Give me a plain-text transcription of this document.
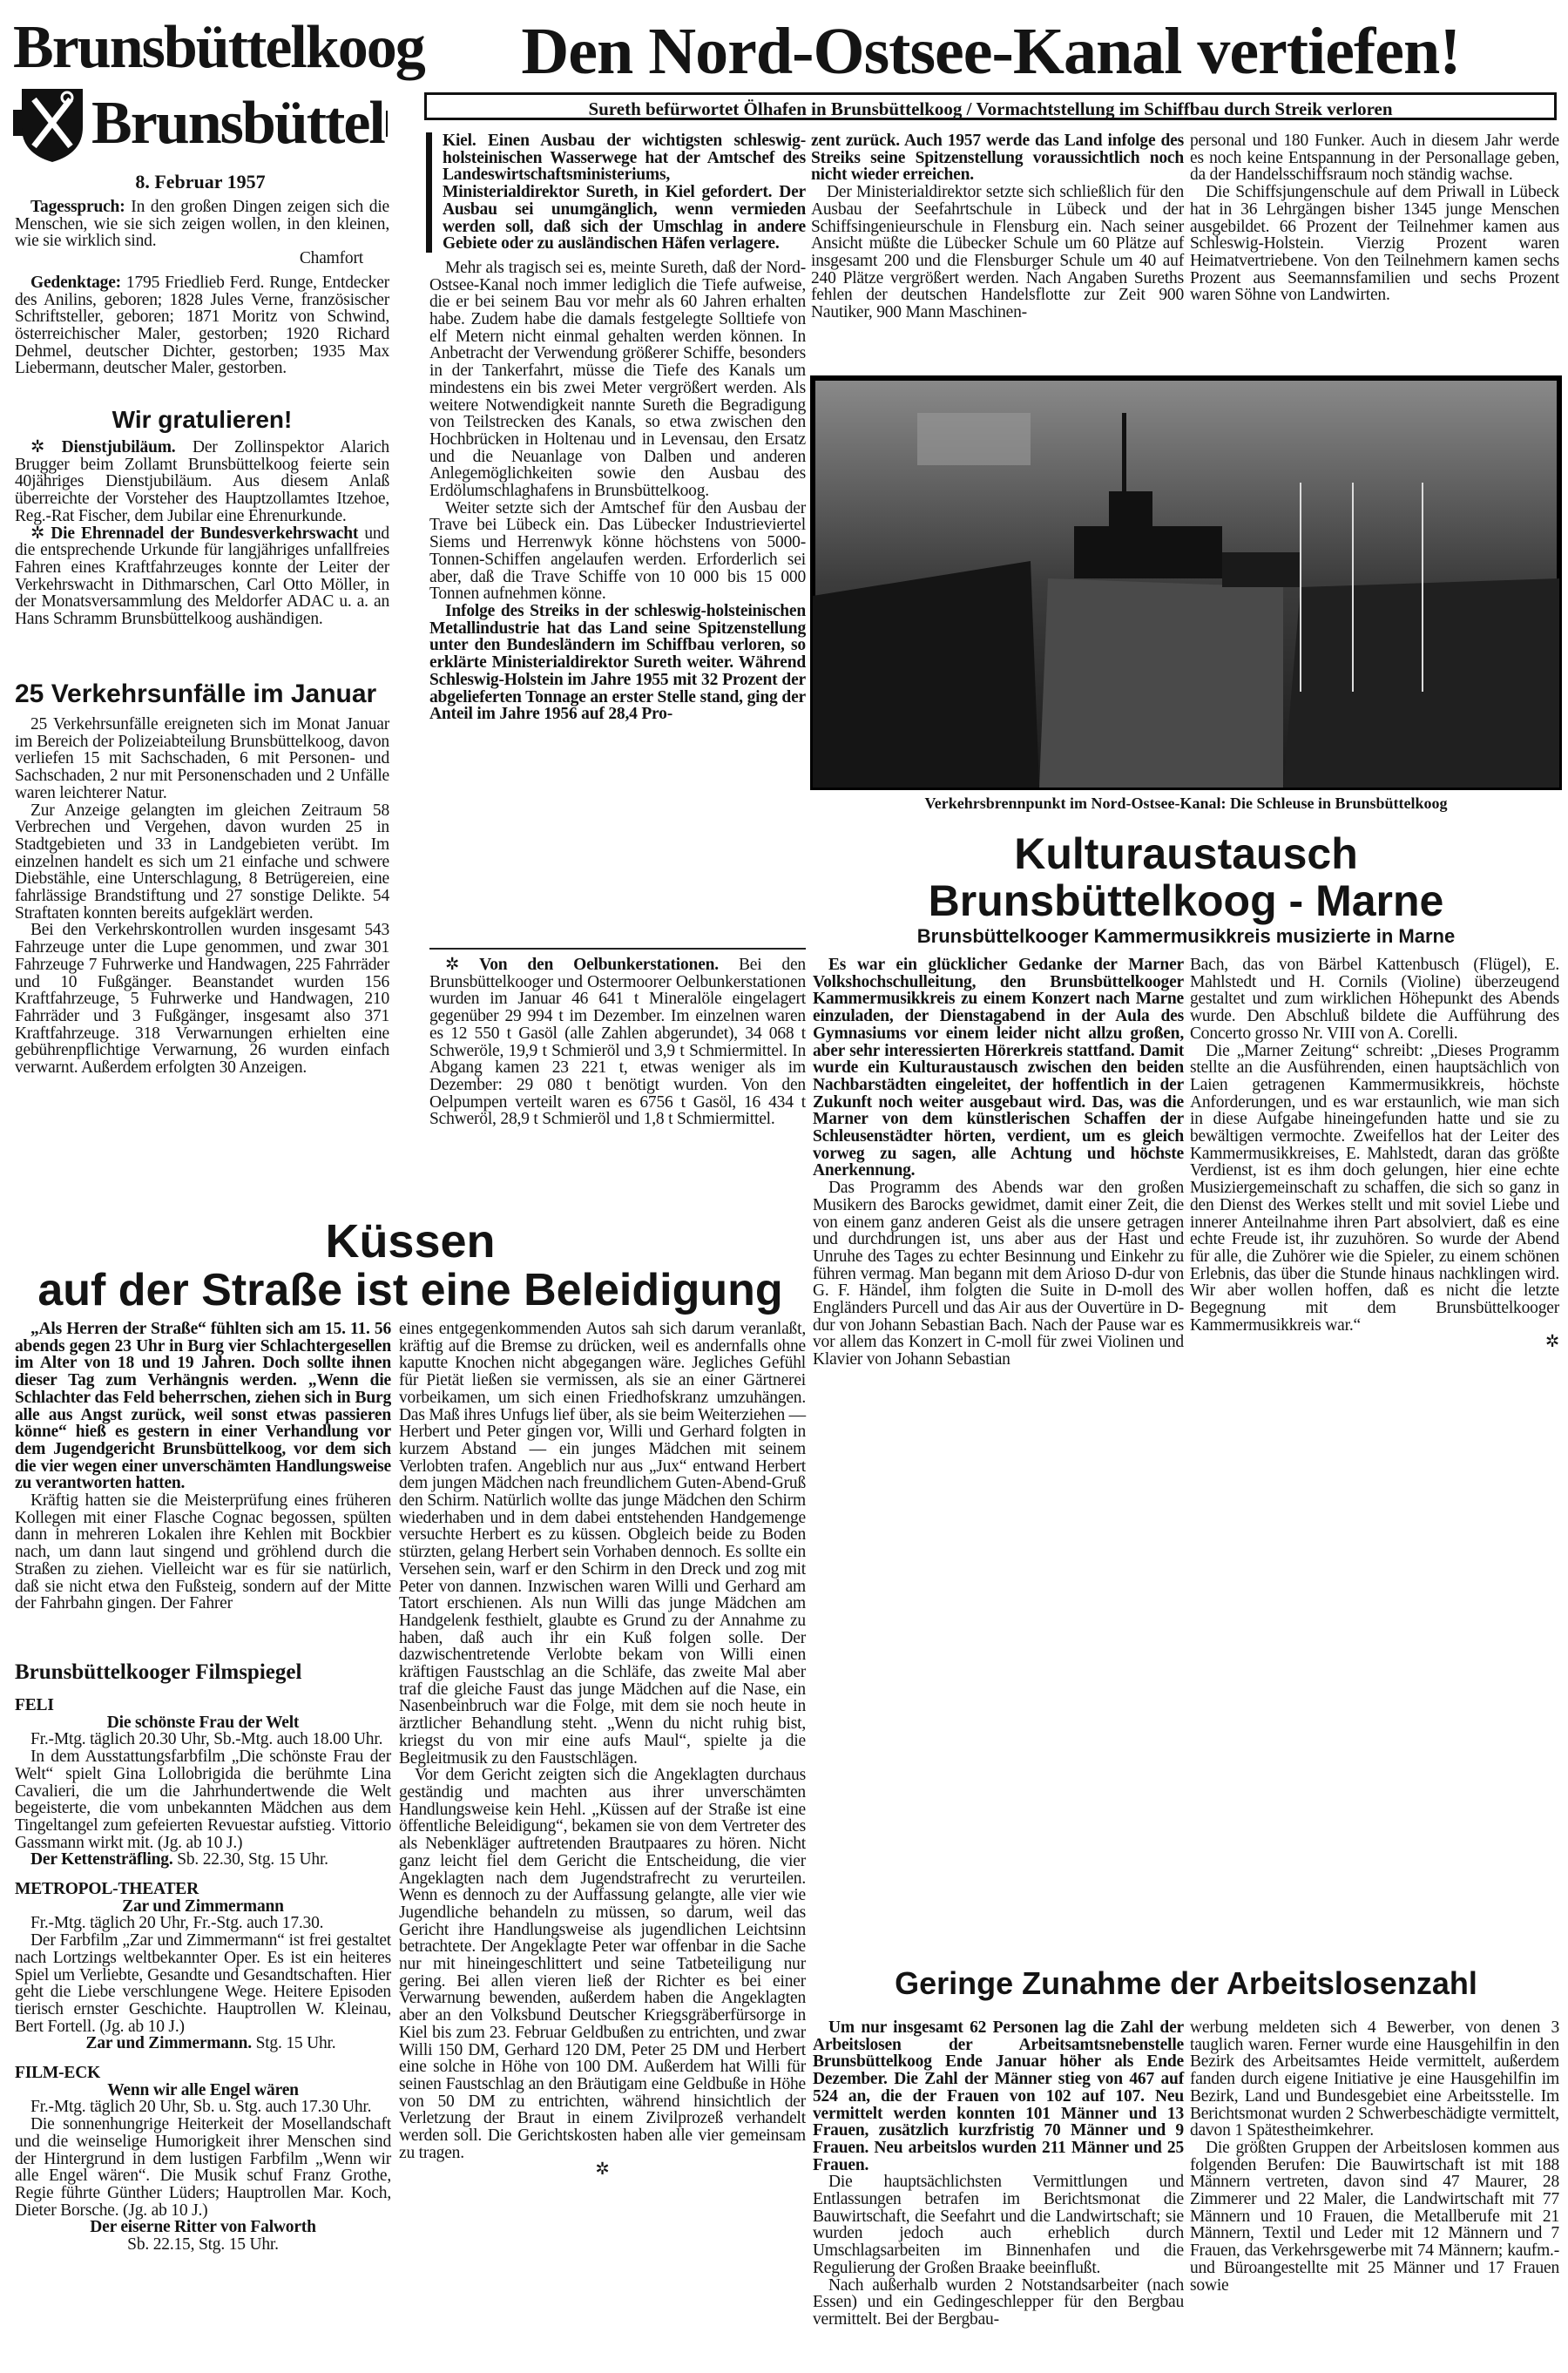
Brunsbüttelkoog
Brunsbüttel
8. Februar 1957

Tagesspruch: In den großen Dingen zeigen sich die Menschen, wie sie sich zeigen wollen, in den kleinen, wie sie wirklich sind.

Chamfort

Gedenktage: 1795 Friedlieb Ferd. Runge, Entdecker des Anilins, geboren; 1828 Jules Verne, französischer Schriftsteller, geboren; 1871 Moritz von Schwind, österreichischer Maler, gestorben; 1920 Richard Dehmel, deutscher Dichter, gestorben; 1935 Max Liebermann, deutscher Maler, gestorben.

Wir gratulieren!

✲ Dienstjubiläum. Der Zollinspektor Alarich Brugger beim Zollamt Brunsbüttelkoog feierte sein 40jähriges Dienstjubiläum. Aus diesem Anlaß überreichte der Vorsteher des Hauptzollamtes Itzehoe, Reg.-Rat Fischer, dem Jubilar eine Ehrenurkunde.

✲ Die Ehrennadel der Bundesverkehrswacht und die entsprechende Urkunde für langjähriges unfallfreies Fahren eines Kraftfahrzeuges konnte der Leiter der Verkehrswacht in Dithmarschen, Carl Otto Möller, in der Monatsversammlung des Meldorfer ADAC u. a. an Hans Schramm Brunsbüttelkoog aushändigen.

25 Verkehrsunfälle im Januar

25 Verkehrsunfälle ereigneten sich im Monat Januar im Bereich der Polizeiabteilung Brunsbüttelkoog, davon verliefen 15 mit Sachschaden, 6 mit Personen- und Sachschaden, 2 nur mit Personenschaden und 2 Unfälle waren leichterer Natur.

Zur Anzeige gelangten im gleichen Zeitraum 58 Verbrechen und Vergehen, davon wurden 25 in Stadtgebieten und 33 in Landgebieten verübt. Im einzelnen handelt es sich um 21 einfache und schwere Diebstähle, eine Unterschlagung, 8 Betrügereien, eine fahrlässige Brandstiftung und 27 sonstige Delikte. 54 Straftaten konnten bereits aufgeklärt werden.

Bei den Verkehrskontrollen wurden insgesamt 543 Fahrzeuge unter die Lupe genommen, und zwar 301 Fahrzeuge 7 Fuhrwerke und Handwagen, 225 Fahrräder und 10 Fußgänger. Beanstandet wurden 156 Kraftfahrzeuge, 5 Fuhrwerke und Handwagen, 210 Fahrräder und 3 Fußgänger, insgesamt also 371 Kraftfahrzeuge. 318 Verwarnungen erhielten eine gebührenpflichtige Verwarnung, 26 wurden einfach verwarnt. Außerdem erfolgten 30 Anzeigen.

Den Nord-Ostsee-Kanal vertiefen!
Sureth befürwortet Ölhafen in Brunsbüttelkoog / Vormachtstellung im Schiffbau durch Streik verloren

Kiel. Einen Ausbau der wichtigsten schleswig-holsteinischen Wasserwege hat der Amtschef des Landeswirtschaftsministeriums, Ministerialdirektor Sureth, in Kiel gefordert. Der Ausbau sei unumgänglich, wenn vermieden werden soll, daß sich der Umschlag in andere Gebiete oder zu ausländischen Häfen verlagere.

Mehr als tragisch sei es, meinte Sureth, daß der Nord-Ostsee-Kanal noch immer lediglich die Tiefe aufweise, die er bei seinem Bau vor mehr als 60 Jahren erhalten habe. Zudem habe die damals festgelegte Solltiefe von elf Metern nicht einmal gehalten werden können. In Anbetracht der Verwendung größerer Schiffe, besonders in der Tankerfahrt, müsse die Tiefe des Kanals um mindestens ein bis zwei Meter vergrößert werden. Als weitere Notwendigkeit nannte Sureth die Begradigung von Teilstrecken des Kanals, so etwa zwischen den Hochbrücken in Holtenau und in Levensau, den Ersatz und die Neuanlage von Dalben und anderen Anlegemöglichkeiten sowie den Ausbau des Erdölumschlaghafens in Brunsbüttelkoog.

Weiter setzte sich der Amtschef für den Ausbau der Trave bei Lübeck ein. Das Lübecker Industrieviertel Siems und Herrenwyk könne höchstens von 5000-Tonnen-Schiffen angelaufen werden. Erforderlich sei aber, daß die Trave Schiffe von 10 000 bis 15 000 Tonnen aufnehmen könne.

Infolge des Streiks in der schleswig-holsteinischen Metallindustrie hat das Land seine Spitzenstellung unter den Bundesländern im Schiffbau verloren, so erklärte Ministerialdirektor Sureth weiter. Während Schleswig-Holstein im Jahre 1955 mit 32 Prozent der abgelieferten Tonnage an erster Stelle stand, ging der Anteil im Jahre 1956 auf 28,4 Pro-

zent zurück. Auch 1957 werde das Land infolge des Streiks seine Spitzenstellung voraussichtlich noch nicht wieder erreichen.

Der Ministerialdirektor setzte sich schließlich für den Ausbau der Seefahrtschule in Lübeck und der Schiffsingenieurschule in Flensburg ein. Nach seiner Ansicht müßte die Lübecker Schule um 60 Plätze auf insgesamt 200 und die Flensburger Schule um 40 auf 240 Plätze vergrößert werden. Nach Angaben Sureths fehlen der deutschen Handelsflotte zur Zeit 900 Nautiker, 900 Mann Maschinen-

personal und 180 Funker. Auch in diesem Jahr werde es noch keine Entspannung in der Personallage geben, da der Handelsschiffsraum noch ständig wachse.

Die Schiffsjungenschule auf dem Priwall in Lübeck hat in 36 Lehrgängen bisher 1345 junge Menschen ausgebildet. 66 Prozent der Teilnehmer kamen aus Schleswig-Holstein. Vierzig Prozent waren Heimatvertriebene. Von den Teilnehmern kamen sechs Prozent aus Seemannsfamilien und sechs Prozent waren Söhne von Landwirten.

Verkehrsbrennpunkt im Nord-Ostsee-Kanal: Die Schleuse in Brunsbüttelkoog
Kulturaustausch
Brunsbüttelkoog - Marne
Brunsbüttelkooger Kammermusikkreis musizierte in Marne

Es war ein glücklicher Gedanke der Marner Volkshochschulleitung, den Brunsbüttelkooger Kammermusikkreis zu einem Konzert nach Marne einzuladen, der Dienstagabend in der Aula des Gymnasiums vor einem leider nicht allzu großen, aber sehr interessierten Hörerkreis stattfand. Damit wurde ein Kulturaustausch zwischen den beiden Nachbarstädten eingeleitet, der hoffentlich in der Zukunft noch weiter ausgebaut wird. Das, was die Marner von dem künstlerischen Schaffen der Schleusenstädter hörten, verdient, um es gleich vorweg zu sagen, alle Achtung und höchste Anerkennung.

Das Programm des Abends war den großen Musikern des Barocks gewidmet, damit einer Zeit, die von einem ganz anderen Geist als die unsere getragen und durchdrungen ist, uns aber aus der Hast und Unruhe des Tages zu echter Besinnung und Einkehr zu führen vermag. Man begann mit dem Arioso D-dur von G. F. Händel, ihm folgten die Suite in D-moll des Engländers Purcell und das Air aus der Ouvertüre in D-dur von Johann Sebastian Bach. Nach der Pause war es vor allem das Konzert in C-moll für zwei Violinen und Klavier von Johann Sebastian

Bach, das von Bärbel Kattenbusch (Flügel), E. Mahlstedt und H. Cornils (Violine) überzeugend gestaltet und zum wirklichen Höhepunkt des Abends wurde. Den Abschluß bildete die Aufführung des Concerto grosso Nr. VIII von A. Corelli.

Die „Marner Zeitung“ schreibt: „Dieses Programm stellte an die Ausführenden, einen hauptsächlich von Laien getragenen Kammermusikkreis, höchste Anforderungen, und es war erstaunlich, wie man sich in diese Aufgabe hineingefunden hatte und sie zu bewältigen vermochte. Zweifellos hat der Leiter des Kammermusikkreises, E. Mahlstedt, daran das größte Verdienst, ist es ihm doch gelungen, hier eine echte Musiziergemeinschaft zu schaffen, die sich so ganz in den Dienst des Werkes stellt und mit soviel Liebe und innerer Anteilnahme ihren Part absolviert, daß es eine echte Freude ist, ihr zuzuhören. So wurde der Abend für alle, die Zuhörer wie die Spieler, zu einem schönen Erlebnis, das über die Stunde hinaus nachklingen wird. Wir aber wollen hoffen, daß es nicht die letzte Begegnung mit dem Brunsbüttelkooger Kammermusikkreis war.“

✲

✲ Von den Oelbunkerstationen. Bei den Brunsbüttelkooger und Ostermoorer Oelbunkerstationen wurden im Januar 46 641 t Mineralöle eingelagert gegenüber 29 994 t im Dezember. Im einzelnen waren es 12 550 t Gasöl (alle Zahlen abgerundet), 34 068 t Schweröle, 19,9 t Schmieröl und 3,9 t Schmiermittel. In Abgang kamen 23 221 t, etwas weniger als im Dezember: 29 080 t benötigt wurden. Von den Oelpumpen verteilt waren es 6756 t Gasöl, 16 434 t Schweröl, 28,9 t Schmieröl und 1,8 t Schmiermittel.

Küssen
auf der Straße ist eine Beleidigung

„Als Herren der Straße“ fühlten sich am 15. 11. 56 abends gegen 23 Uhr in Burg vier Schlachtergesellen im Alter von 18 und 19 Jahren. Doch sollte ihnen dieser Tag zum Verhängnis werden. „Wenn die Schlachter das Feld beherrschen, ziehen sich in Burg alle aus Angst zurück, weil sonst etwas passieren könne“ hieß es gestern in einer Verhandlung vor dem Jugendgericht Brunsbüttelkoog, vor dem sich die vier wegen einer unverschämten Handlungsweise zu verantworten hatten.

Kräftig hatten sie die Meisterprüfung eines früheren Kollegen mit einer Flasche Cognac begossen, spülten dann in mehreren Lokalen ihre Kehlen mit Bockbier nach, um dann laut singend und gröhlend durch die Straßen zu ziehen. Vielleicht war es für sie natürlich, daß sie nicht etwa den Fußsteig, sondern auf der Mitte der Fahrbahn gingen. Der Fahrer

eines entgegenkommenden Autos sah sich darum veranlaßt, kräftig auf die Bremse zu drücken, weil es andernfalls ohne kaputte Knochen nicht abgegangen wäre. Jegliches Gefühl für Pietät ließen sie vermissen, als sie an einer Gärtnerei vorbeikamen, um sich einen Friedhofskranz umzuhängen. Das Maß ihres Unfugs lief über, als sie beim Weiterziehen — Herbert und Peter gingen vor, Willi und Gerhard folgten in kurzem Abstand — ein junges Mädchen mit seinem Verlobten trafen. Angeblich nur aus „Jux“ entwand Herbert dem jungen Mädchen nach freundlichem Guten-Abend-Gruß den Schirm. Natürlich wollte das junge Mädchen den Schirm wiederhaben und in dem dabei entstehenden Handgemenge versuchte Herbert es zu küssen. Obgleich beide zu Boden stürzten, gelang Herbert sein Vorhaben dennoch. Es sollte ein Versehen sein, warf er den Schirm in den Dreck und zog mit Peter von dannen. Inzwischen waren Willi und Gerhard am Tatort erschienen. Als nun Willi das junge Mädchen am Handgelenk festhielt, glaubte es Grund zu der Annahme zu haben, daß auch ihr ein Kuß folgen solle. Der dazwischentretende Verlobte bekam von Willi einen kräftigen Faustschlag an die Schläfe, das zweite Mal aber traf die gleiche Faust das junge Mädchen auf die Nase, ein Nasenbeinbruch war die Folge, mit dem sie noch heute in ärztlicher Behandlung steht. „Wenn du nicht ruhig bist, kriegst du von mir eine aufs Maul“, spielte ja die Begleitmusik zu den Faustschlägen.

Vor dem Gericht zeigten sich die Angeklagten durchaus geständig und machten aus ihrer unverschämten Handlungsweise kein Hehl. „Küssen auf der Straße ist eine öffentliche Beleidigung“, bekamen sie von dem Vertreter des als Nebenkläger auftretenden Brautpaares zu hören. Nicht ganz leicht fiel dem Gericht die Entscheidung, die vier Angeklagten nach dem Jugendstrafrecht zu verurteilen. Wenn es dennoch zu der Auffassung gelangte, alle vier wie Jugendliche behandeln zu müssen, so darum, weil das Gericht ihre Handlungsweise als jugendlichen Leichtsinn betrachtete. Der Angeklagte Peter war offenbar in die Sache nur mit hineingeschlittert und seine Tatbeteiligung nur gering. Bei allen vieren ließ der Richter es bei einer Verwarnung bewenden, außerdem haben die Angeklagten aber an den Volksbund Deutscher Kriegsgräberfürsorge in Kiel bis zum 23. Februar Geldbußen zu entrichten, und zwar Willi 150 DM, Gerhard 120 DM, Peter 25 DM und Herbert eine solche in Höhe von 100 DM. Außerdem hat Willi für seinen Faustschlag an den Bräutigam eine Geldbuße in Höhe von 50 DM zu entrichten, während hinsichtlich der Verletzung der Braut in einem Zivilprozeß verhandelt werden soll. Die Gerichtskosten haben alle vier gemeinsam zu tragen.

✲
Brunsbüttelkooger Filmspiegel
FELI
Die schönste Frau der Welt

Fr.-Mtg. täglich 20.30 Uhr, Sb.-Mtg. auch 18.00 Uhr.

In dem Ausstattungsfarbfilm „Die schönste Frau der Welt“ spielt Gina Lollobrigida die berühmte Lina Cavalieri, die um die Jahrhundertwende die Welt begeisterte, die vom unbekannten Mädchen aus dem Tingeltangel zum gefeierten Revuestar aufstieg. Vittorio Gassmann wirkt mit. (Jg. ab 10 J.)

Der Kettensträfling. Sb. 22.30, Stg. 15 Uhr.

METROPOL-THEATER
Zar und Zimmermann

Fr.-Mtg. täglich 20 Uhr, Fr.-Stg. auch 17.30.

Der Farbfilm „Zar und Zimmermann“ ist frei gestaltet nach Lortzings weltbekannter Oper. Es ist ein heiteres Spiel um Verliebte, Gesandte und Gesandtschaften. Hier geht die Liebe verschlungene Wege. Heitere Episoden tierisch ernster Geschichte. Hauptrollen W. Kleinau, Bert Fortell. (Jg. ab 10 J.)

Zar und Zimmermann. Stg. 15 Uhr.

FILM-ECK
Wenn wir alle Engel wären

Fr.-Mtg. täglich 20 Uhr, Sb. u. Stg. auch 17.30 Uhr.

Die sonnenhungrige Heiterkeit der Mosellandschaft und die weinselige Humorigkeit ihrer Menschen sind der Hintergrund in dem lustigen Farbfilm „Wenn wir alle Engel wären“. Die Musik schuf Franz Grothe, Regie führte Günther Lüders; Hauptrollen Mar. Koch, Dieter Borsche. (Jg. ab 10 J.)

Der eiserne Ritter von Falworth
Sb. 22.15, Stg. 15 Uhr.
Geringe Zunahme der Arbeitslosenzahl

Um nur insgesamt 62 Personen lag die Zahl der Arbeitslosen der Arbeitsamtsnebenstelle Brunsbüttelkoog Ende Januar höher als Ende Dezember. Die Zahl der Männer stieg von 467 auf 524 an, die der Frauen von 102 auf 107. Neu vermittelt werden konnten 101 Männer und 13 Frauen, zusätzlich kurzfristig 70 Männer und 9 Frauen. Neu arbeitslos wurden 211 Männer und 25 Frauen.

Die hauptsächlichsten Vermittlungen und Entlassungen betrafen im Berichtsmonat die Bauwirtschaft, die Seefahrt und die Landwirtschaft; sie wurden jedoch auch erheblich durch Umschlagsarbeiten im Binnenhafen und die Regulierung der Großen Braake beeinflußt.

Nach außerhalb wurden 2 Notstandsarbeiter (nach Essen) und ein Gedingeschlepper für den Bergbau vermittelt. Bei der Bergbau-

werbung meldeten sich 4 Bewerber, von denen 3 tauglich waren. Ferner wurde eine Hausgehilfin in den Bezirk des Arbeitsamtes Heide vermittelt, außerdem fanden durch eigene Initiative je eine Hausgehilfin im Bezirk, Land und Bundesgebiet eine Arbeitsstelle. Im Berichtsmonat wurden 2 Schwerbeschädigte vermittelt, davon 1 Spätestheimkehrer.

Die größten Gruppen der Arbeitslosen kommen aus folgenden Berufen: Die Bauwirtschaft ist mit 188 Männern vertreten, davon sind 47 Maurer, 28 Zimmerer und 22 Maler, die Landwirtschaft mit 77 Männern und 10 Frauen, die Metallberufe mit 21 Männern, Textil und Leder mit 12 Männern und 7 Frauen, das Verkehrsgewerbe mit 74 Männern; kaufm.- und Büroangestellte mit 25 Männer und 17 Frauen sowie
